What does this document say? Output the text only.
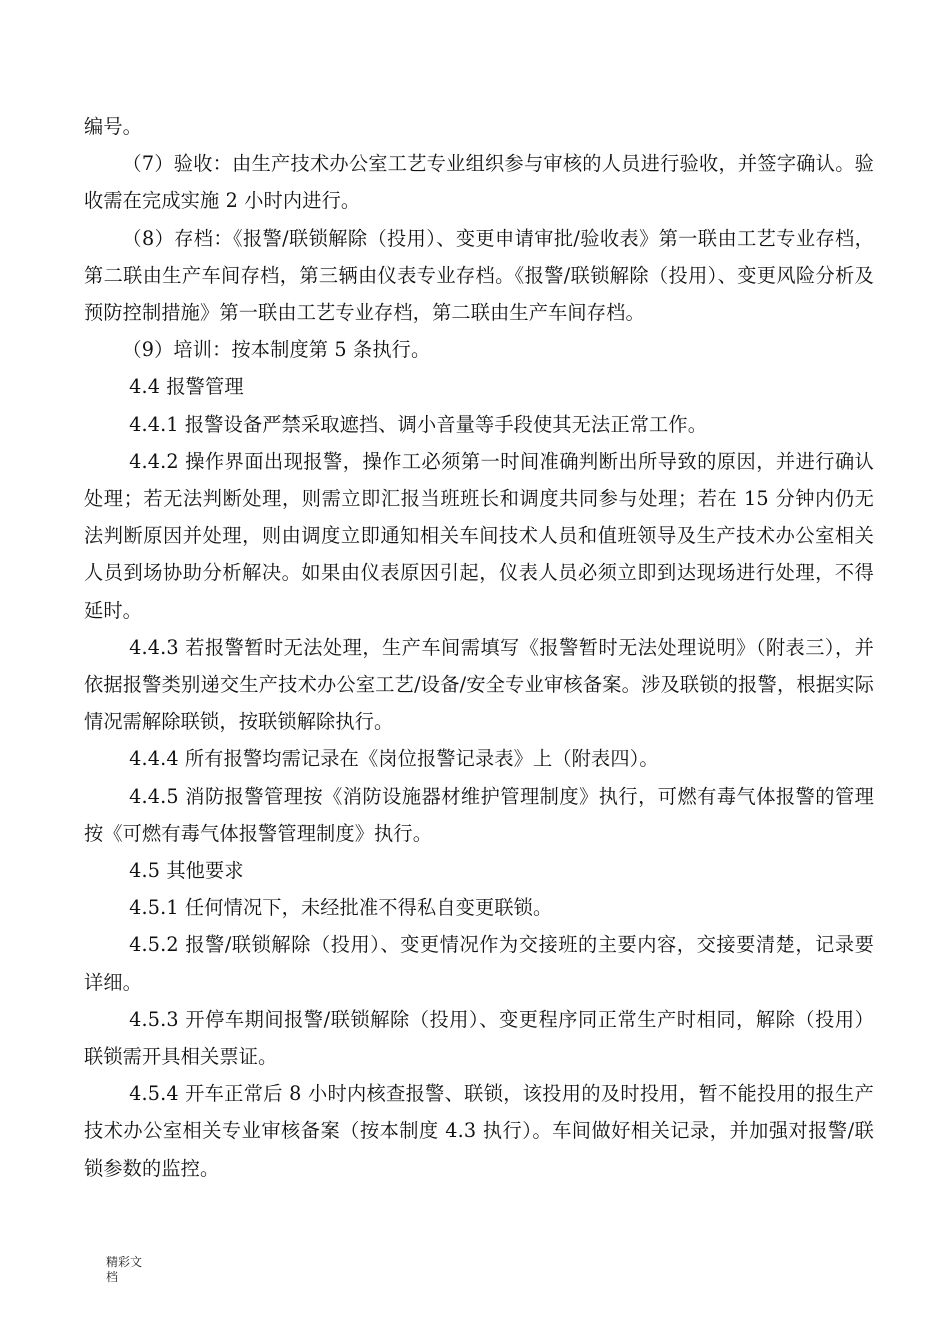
编号。

（7）验收：由生产技术办公室工艺专业组织参与审核的人员进行验收，并签字确认。验收需在完成实施 2 小时内进行。

（8）存档：《报警/联锁解除（投用）、变更申请审批/验收表》第一联由工艺专业存档，第二联由生产车间存档，第三辆由仪表专业存档。《报警/联锁解除（投用）、变更风险分析及预防控制措施》第一联由工艺专业存档，第二联由生产车间存档。

（9）培训：按本制度第 5 条执行。

4.4 报警管理

4.4.1 报警设备严禁采取遮挡、调小音量等手段使其无法正常工作。

4.4.2 操作界面出现报警，操作工必须第一时间准确判断出所导致的原因，并进行确认处理；若无法判断处理，则需立即汇报当班班长和调度共同参与处理；若在 15 分钟内仍无法判断原因并处理，则由调度立即通知相关车间技术人员和值班领导及生产技术办公室相关人员到场协助分析解决。如果由仪表原因引起，仪表人员必须立即到达现场进行处理，不得延时。

4.4.3 若报警暂时无法处理，生产车间需填写《报警暂时无法处理说明》（附表三），并依据报警类别递交生产技术办公室工艺/设备/安全专业审核备案。涉及联锁的报警，根据实际情况需解除联锁，按联锁解除执行。

4.4.4 所有报警均需记录在《岗位报警记录表》上（附表四）。

4.4.5 消防报警管理按《消防设施器材维护管理制度》执行，可燃有毒气体报警的管理按《可燃有毒气体报警管理制度》执行。

4.5 其他要求

4.5.1 任何情况下，未经批准不得私自变更联锁。

4.5.2 报警/联锁解除（投用）、变更情况作为交接班的主要内容，交接要清楚，记录要详细。

4.5.3 开停车期间报警/联锁解除（投用）、变更程序同正常生产时相同，解除（投用）联锁需开具相关票证。

4.5.4 开车正常后 8 小时内核查报警、联锁，该投用的及时投用，暂不能投用的报生产技术办公室相关专业审核备案（按本制度 4.3 执行）。车间做好相关记录，并加强对报警/联锁参数的监控。

精彩文
档
